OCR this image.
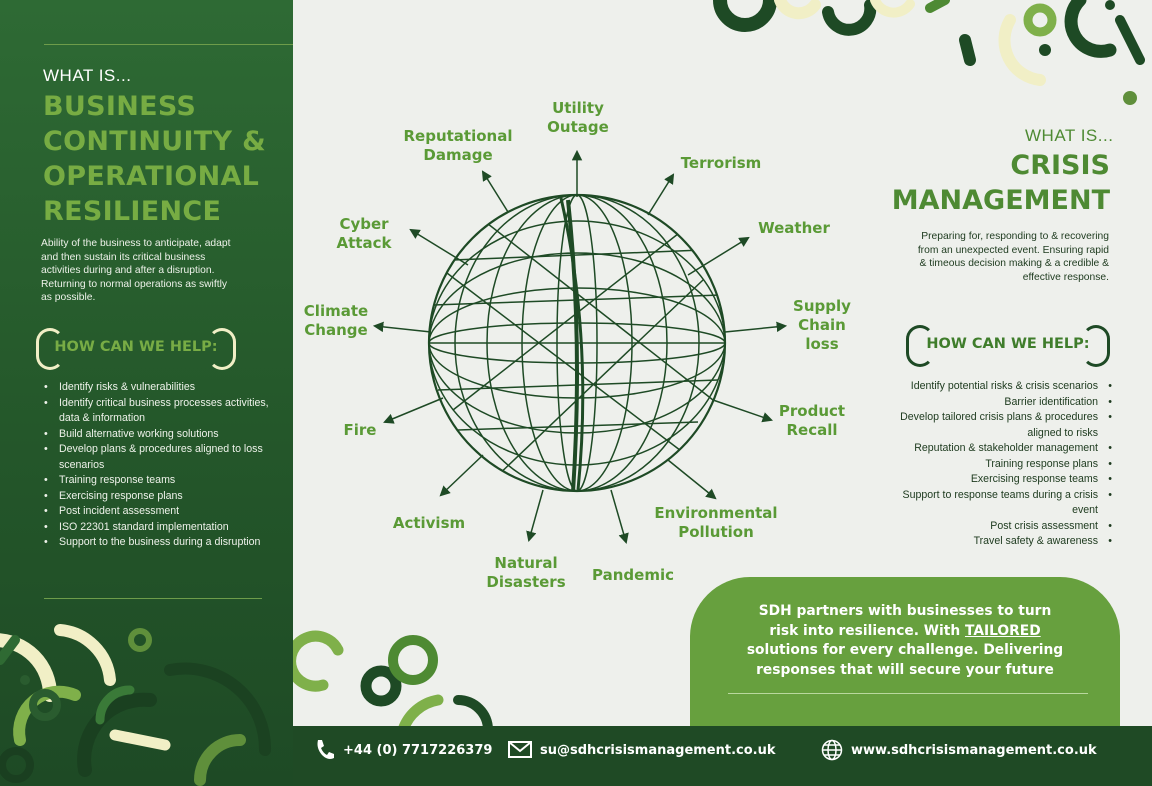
WHAT IS...
BUSINESS
CONTINUITY &
OPERATIONAL
RESILIENCE
Ability of the business to anticipate, adapt
and then sustain its critical business
activities during and after a disruption.
Returning to normal operations as swiftly
as possible.
HOW CAN WE HELP:
• Identify risks & vulnerabilities
• Identify critical business processes activities, data & information
• Build alternative working solutions
• Develop plans & procedures aligned to loss scenarios
• Training response teams
• Exercising response plans
• Post incident assessment
• ISO 22301 standard implementation
• Support to the business during a disruption
Utility
Outage
Reputational
Damage	Terrorism
Cyber
Attack
Weather
Climate
Change
Supply
Chain
loss
Fire
Product
Recall
Activism
Environmental
Pollution
Natural
Disasters	Pandemic
WHAT IS...
CRISIS
MANAGEMENT
Preparing for, responding to & recovering
from an unexpected event. Ensuring rapid
& timeous decision making & a credible &
effective response.
HOW CAN WE HELP:
Identify potential risks & crisis scenarios •
Barrier identification •
Develop tailored crisis plans & procedures aligned to risks •
Reputation & stakeholder management •
Training response plans •
Exercising response teams •
Support to response teams during a crisis event •
Post crisis assessment •
Travel safety & awareness •
SDH partners with businesses to turn
risk into resilience. With TAILORED
solutions for every challenge. Delivering
responses that will secure your future
+44 (0) 7717226379	su@sdhcrisismanagement.co.uk	www.sdhcrisismanagement.co.uk
